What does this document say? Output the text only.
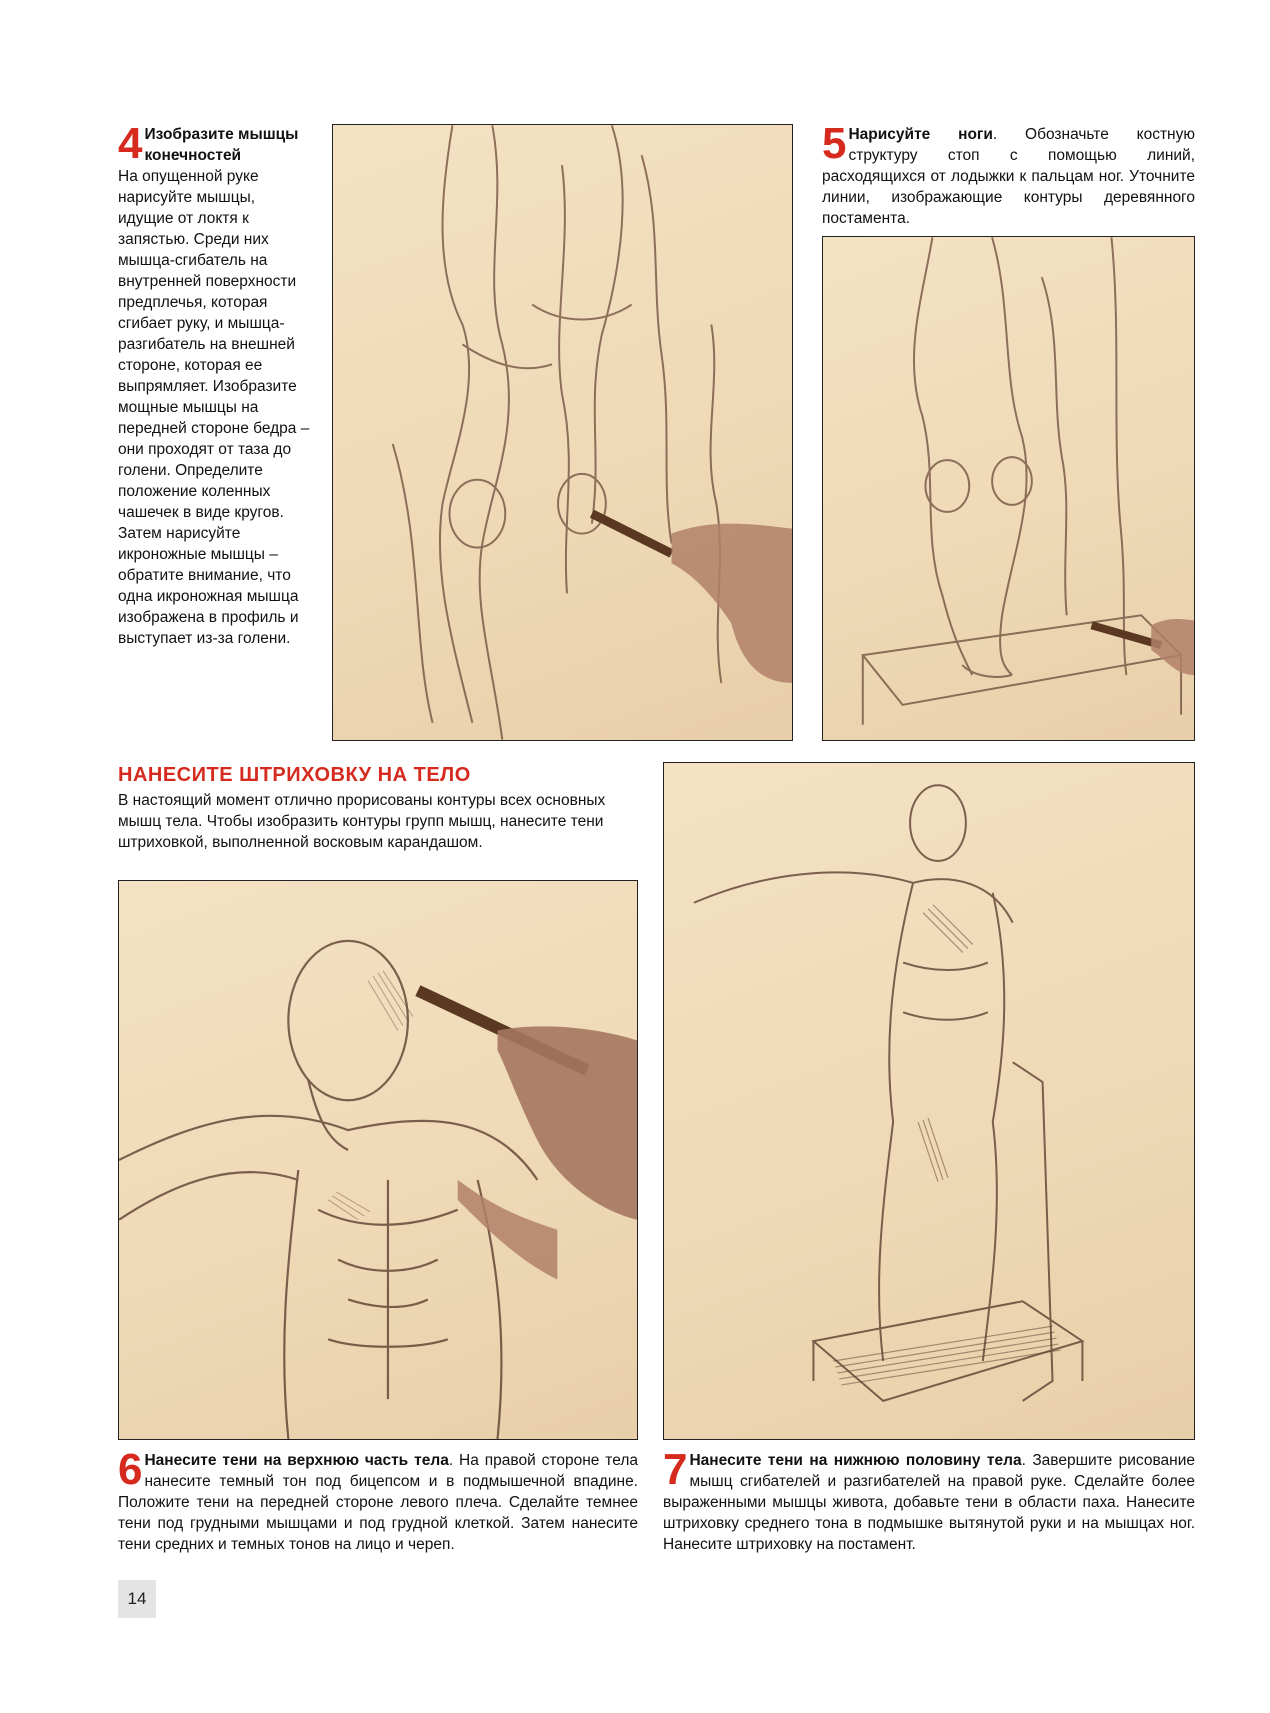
4 Изобразите мышцы конечностей
На опущенной руке нарисуйте мышцы, идущие от локтя к запястью. Среди них мышца-сгибатель на внутренней поверхности предплечья, которая сгибает руку, и мышца-разгибатель на внешней стороне, которая ее выпрямляет. Изобразите мощные мышцы на передней стороне бедра – они проходят от таза до голени. Определите положение коленных чашечек в виде кругов. Затем нарисуйте икроножные мышцы – обратите внимание, что одна икроножная мышца изображена в профиль и выступает из-за голени.
5 Нарисуйте ноги. Обозначьте костную структуру стоп с помощью линий, расходящихся от лодыжки к пальцам ног. Уточните линии, изображающие контуры деревянного постамента.
НАНЕСИТЕ ШТРИХОВКУ НА ТЕЛО
В настоящий момент отлично прорисованы контуры всех основных мышц тела. Чтобы изобразить контуры групп мышц, нанесите тени штриховкой, выполненной восковым карандашом.
6 Нанесите тени на верхнюю часть тела. На правой стороне тела нанесите темный тон под бицепсом и в подмышечной впадине. Положите тени на передней стороне левого плеча. Сделайте темнее тени под грудными мышцами и под грудной клеткой. Затем нанесите тени средних и темных тонов на лицо и череп.
7 Нанесите тени на нижнюю половину тела. Завершите рисование мышц сгибателей и разгибателей на правой руке. Сделайте более выраженными мышцы живота, добавьте тени в области паха. Нанесите штриховку среднего тона в подмышке вытянутой руки и на мышцах ног. Нанесите штриховку на постамент.
14
